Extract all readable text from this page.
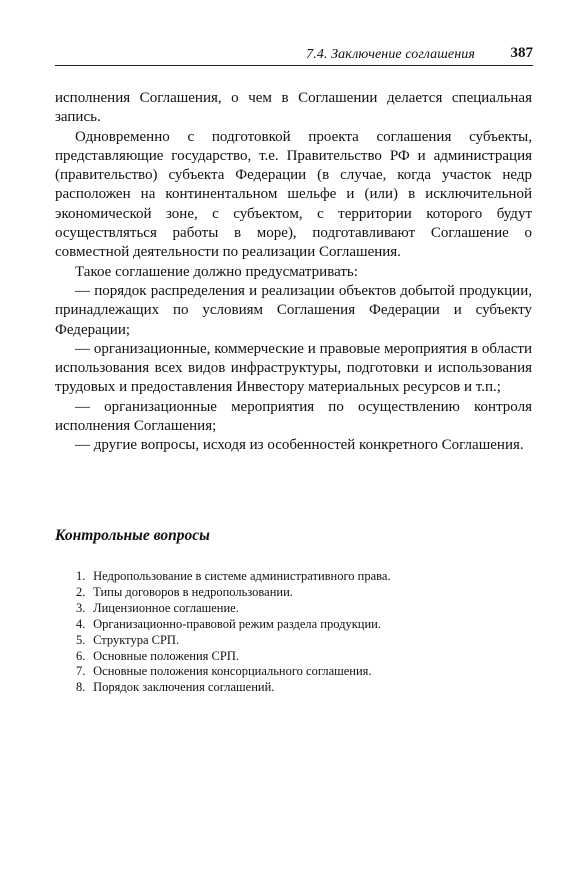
7.4. Заключение соглашения 387

исполнения Соглашения, о чем в Соглашении делается специальная запись.

Одновременно с подготовкой проекта соглашения субъекты, представляющие государство, т.е. Правительство РФ и администрация (правительство) субъекта Федерации (в случае, когда участок недр расположен на континентальном шельфе и (или) в исключительной экономической зоне, с субъектом, с территории которого будут осуществляться работы в море), подготавливают Соглашение о совместной деятельности по реализации Соглашения.

Такое соглашение должно предусматривать:

— порядок распределения и реализации объектов добытой продукции, принадлежащих по условиям Соглашения Федерации и субъекту Федерации;

— организационные, коммерческие и правовые мероприятия в области использования всех видов инфраструктуры, подготовки и использования трудовых и предоставления Инвестору материальных ресурсов и т.п.;

— организационные мероприятия по осуществлению контроля исполнения Соглашения;

— другие вопросы, исходя из особенностей конкретного Соглашения.

Контрольные вопросы
1. Недропользование в системе административного права.
2. Типы договоров в недропользовании.
3. Лицензионное соглашение.
4. Организационно-правовой режим раздела продукции.
5. Структура СРП.
6. Основные положения СРП.
7. Основные положения консорциального соглашения.
8. Порядок заключения соглашений.
